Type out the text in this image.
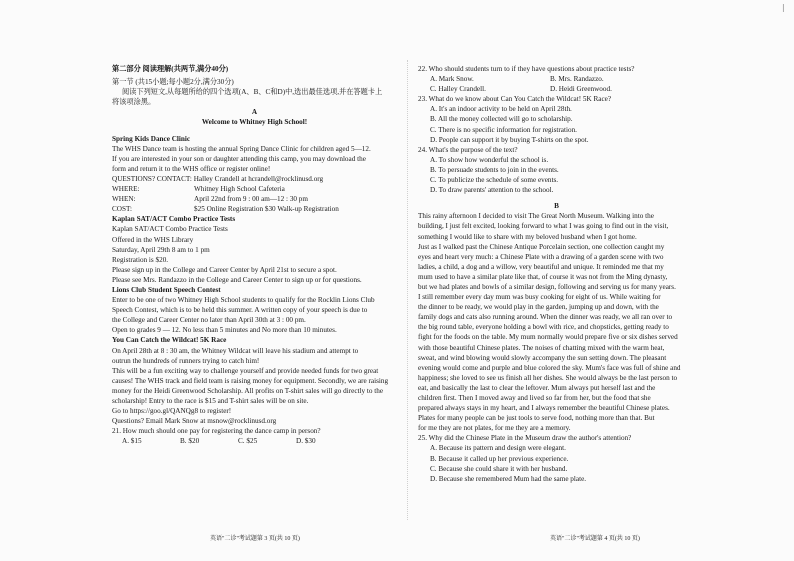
|
第二部分 阅读理解(共两节,满分40分)
第一节 (共15小题;每小题2分,满分30分)
阅读下列短文,从每题所给的四个选项(A、B、C和D)中,选出最佳选项,并在答题卡上
将该项涂黑。
A
Welcome to Whitney High School!
Spring Kids Dance Clinic
The WHS Dance team is hosting the annual Spring Dance Clinic for children aged 5—12.
If you are interested in your son or daughter attending this camp, you may download the
form and return it to the WHS office or register online!
QUESTIONS? CONTACT: Halley Crandell at hcrandell@rocklinusd.org
WHERE:	Whitney High School Cafeteria
WHEN:	April 22nd from 9 : 00 am—12 : 30 pm
COST:	$25 Online Registration $30 Walk-up Registration
Kaplan SAT/ACT Combo Practice Tests
Kaplan SAT/ACT Combo Practice Tests
Offered in the WHS Library
Saturday, April 29th 8 am to 1 pm
Registration is $20.
Please sign up in the College and Career Center by April 21st to secure a spot.
Please see Mrs. Randazzo in the College and Career Center to sign up or for questions.
Lions Club Student Speech Contest
Enter to be one of two Whitney High School students to qualify for the Rocklin Lions Club
Speech Contest, which is to be held this summer. A written copy of your speech is due to
the College and Career Center no later than April 30th at 3 : 00 pm.
Open to grades 9 — 12. No less than 5 minutes and No more than 10 minutes.
You Can Catch the Wildcat! 5K Race
On April 28th at 8 : 30 am, the Whitney Wildcat will leave his stadium and attempt to
outrun the hundreds of runners trying to catch him!
This will be a fun exciting way to challenge yourself and provide needed funds for two great
causes! The WHS track and field team is raising money for equipment. Secondly, we are raising
money for the Heidi Greenwood Scholarship. All profits on T-shirt sales will go directly to the
scholarship! Entry to the race is $15 and T-shirt sales will be on site.
Go to https://goo.gl/QANQg8 to register!
Questions? Email Mark Snow at msnow@rocklinusd.org
21. How much should one pay for registering the dance camp in person?
A. $15	B. $20	C. $25	D. $30
22. Who should students turn to if they have questions about practice tests?
A. Mark Snow.	B. Mrs. Randazzo.
C. Halley Crandell.	D. Heidi Greenwood.
23. What do we know about Can You Catch the Wildcat! 5K Race?
A. It's an indoor activity to be held on April 28th.
B. All the money collected will go to scholarship.
C. There is no specific information for registration.
D. People can support it by buying T-shirts on the spot.
24. What's the purpose of the text?
A. To show how wonderful the school is.
B. To persuade students to join in the events.
C. To publicize the schedule of some events.
D. To draw parents' attention to the school.
B
This rainy afternoon I decided to visit The Great North Museum. Walking into the
building, I just felt excited, looking forward to what I was going to find out in the visit,
something I would like to share with my beloved husband when I got home.
Just as I walked past the Chinese Antique Porcelain section, one collection caught my
eyes and heart very much: a Chinese Plate with a drawing of a garden scene with two
ladies, a child, a dog and a willow, very beautiful and unique. It reminded me that my
mum used to have a similar plate like that, of course it was not from the Ming dynasty,
but we had plates and bowls of a similar design, following and serving us for many years.
I still remember every day mum was busy cooking for eight of us. While waiting for
the dinner to be ready, we would play in the garden, jumping up and down, with the
family dogs and cats also running around. When the dinner was ready, we all ran over to
the big round table, everyone holding a bowl with rice, and chopsticks, getting ready to
fight for the foods on the table. My mum normally would prepare five or six dishes served
with those beautiful Chinese plates. The noises of chatting mixed with the warm heat,
sweat, and wind blowing would slowly accompany the sun setting down. The pleasant
evening would come and purple and blue colored the sky. Mum's face was full of shine and
happiness; she loved to see us finish all her dishes. She would always be the last person to
eat, and basically the last to clear the leftover. Mum always put herself last and the
children first. Then I moved away and lived so far from her, but the food that she
prepared always stays in my heart, and I always remember the beautiful Chinese plates.
Plates for many people can be just tools to serve food, nothing more than that. But
for me they are not plates, for me they are a memory.
25. Why did the Chinese Plate in the Museum draw the author's attention?
A. Because its pattern and design were elegant.
B. Because it called up her previous experience.
C. Because she could share it with her husband.
D. Because she remembered Mum had the same plate.
英语"二诊"考试题第 3 页(共 10 页)	英语"二诊"考试题第 4 页(共 10 页)
